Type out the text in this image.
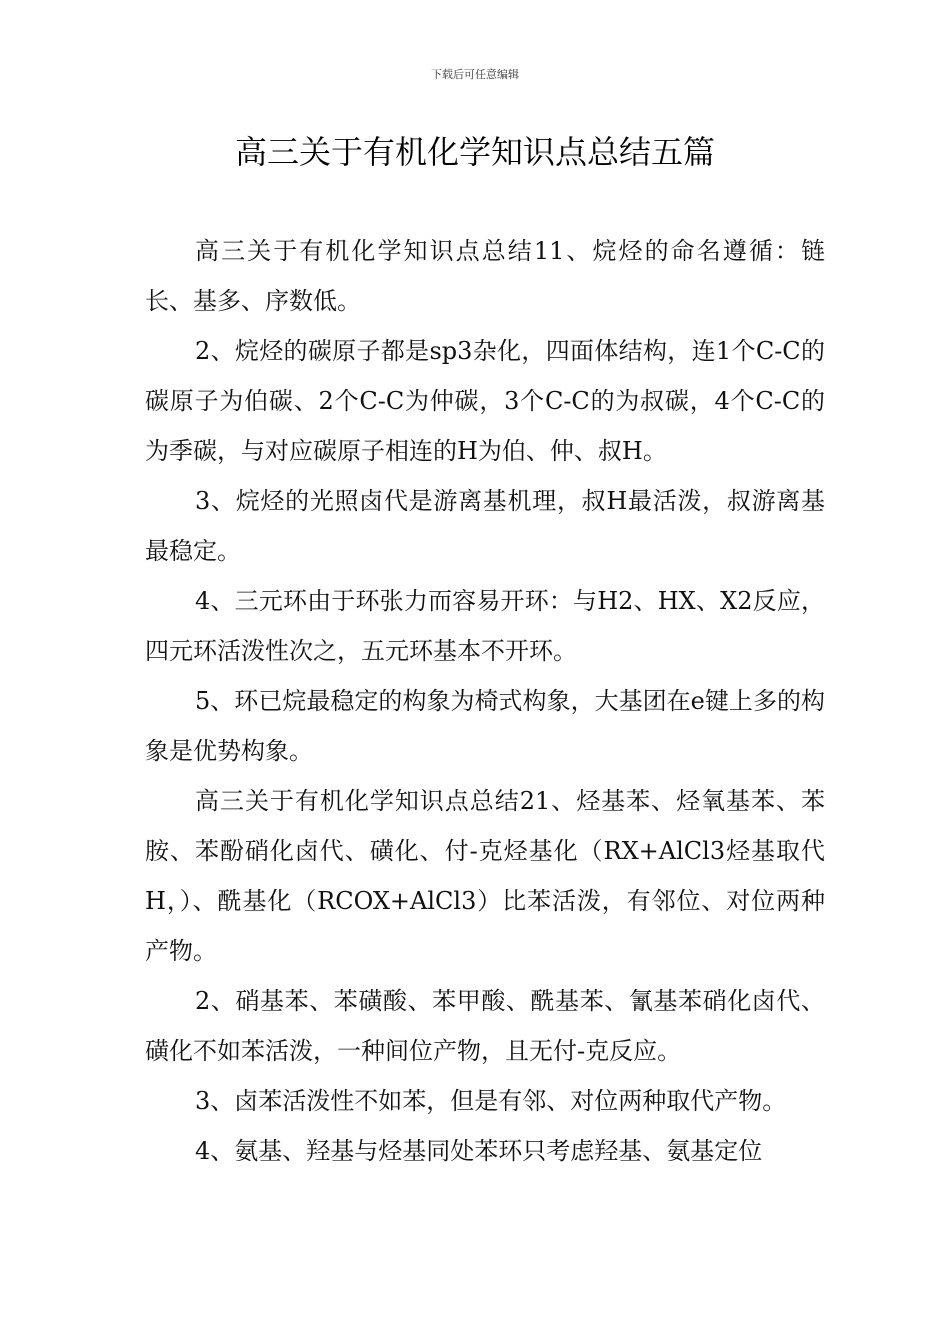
下载后可任意编辑
高三关于有机化学知识点总结五篇

高三关于有机化学知识点总结11、烷烃的命名遵循：链长、基多、序数低。

2、烷烃的碳原子都是sp3杂化，四面体结构，连1个C-C的碳原子为伯碳、2个C-C为仲碳，3个C-C的为叔碳，4个C-C的为季碳，与对应碳原子相连的H为伯、仲、叔H。

3、烷烃的光照卤代是游离基机理，叔H最活泼，叔游离基最稳定。

4、三元环由于环张力而容易开环：与H2、HX、X2反应，四元环活泼性次之，五元环基本不开环。

5、环已烷最稳定的构象为椅式构象，大基团在e键上多的构象是优势构象。

高三关于有机化学知识点总结21、烃基苯、烃氧基苯、苯胺、苯酚硝化卤代、磺化、付-克烃基化（RX+AlCl3烃基取代H，）、酰基化（RCOX+AlCl3）比苯活泼，有邻位、对位两种产物。

2、硝基苯、苯磺酸、苯甲酸、酰基苯、氰基苯硝化卤代、磺化不如苯活泼，一种间位产物，且无付-克反应。

3、卤苯活泼性不如苯，但是有邻、对位两种取代产物。

4、氨基、羟基与烃基同处苯环只考虑羟基、氨基定位
